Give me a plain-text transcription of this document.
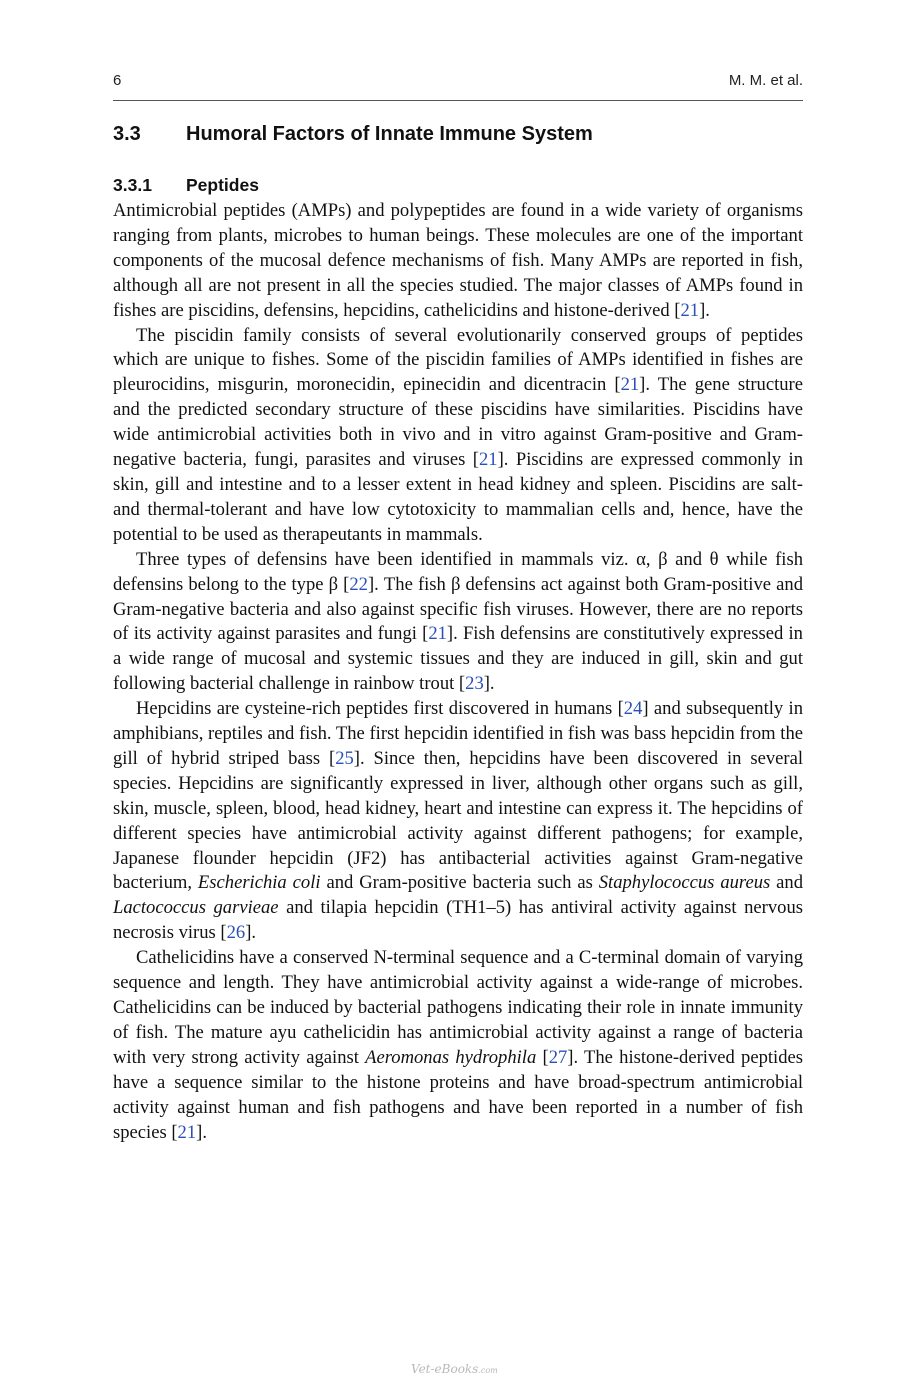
6	M. M. et al.
3.3 Humoral Factors of Innate Immune System
3.3.1 Peptides

Antimicrobial peptides (AMPs) and polypeptides are found in a wide variety of organisms ranging from plants, microbes to human beings. These molecules are one of the important components of the mucosal defence mechanisms of fish. Many AMPs are reported in fish, although all are not present in all the species studied. The major classes of AMPs found in fishes are piscidins, defensins, hepcidins, cathelicidins and histone-derived [21].

The piscidin family consists of several evolutionarily conserved groups of peptides which are unique to fishes. Some of the piscidin families of AMPs identified in fishes are pleurocidins, misgurin, moronecidin, epinecidin and dicentracin [21]. The gene structure and the predicted secondary structure of these piscidins have similarities. Piscidins have wide antimicrobial activities both in vivo and in vitro against Gram-positive and Gram-negative bacteria, fungi, parasites and viruses [21]. Piscidins are expressed commonly in skin, gill and intestine and to a lesser extent in head kidney and spleen. Piscidins are salt- and thermal-tolerant and have low cytotoxicity to mammalian cells and, hence, have the potential to be used as therapeutants in mammals.

Three types of defensins have been identified in mammals viz. α, β and θ while fish defensins belong to the type β [22]. The fish β defensins act against both Gram-positive and Gram-negative bacteria and also against specific fish viruses. However, there are no reports of its activity against parasites and fungi [21]. Fish defensins are constitutively expressed in a wide range of mucosal and systemic tissues and they are induced in gill, skin and gut following bacterial challenge in rainbow trout [23].

Hepcidins are cysteine-rich peptides first discovered in humans [24] and subsequently in amphibians, reptiles and fish. The first hepcidin identified in fish was bass hepcidin from the gill of hybrid striped bass [25]. Since then, hepcidins have been discovered in several species. Hepcidins are significantly expressed in liver, although other organs such as gill, skin, muscle, spleen, blood, head kidney, heart and intestine can express it. The hepcidins of different species have antimicrobial activity against different pathogens; for example, Japanese flounder hepcidin (JF2) has antibacterial activities against Gram-negative bacterium, Escherichia coli and Gram-positive bacteria such as Staphylococcus aureus and Lactococcus garvieae and tilapia hepcidin (TH1–5) has antiviral activity against nervous necrosis virus [26].

Cathelicidins have a conserved N-terminal sequence and a C-terminal domain of varying sequence and length. They have antimicrobial activity against a wide-range of microbes. Cathelicidins can be induced by bacterial pathogens indicating their role in innate immunity of fish. The mature ayu cathelicidin has antimicrobial activity against a range of bacteria with very strong activity against Aeromonas hydrophila [27]. The histone-derived peptides have a sequence similar to the histone proteins and have broad-spectrum antimicrobial activity against human and fish pathogens and have been reported in a number of fish species [21].

Vet-eBooks.com
